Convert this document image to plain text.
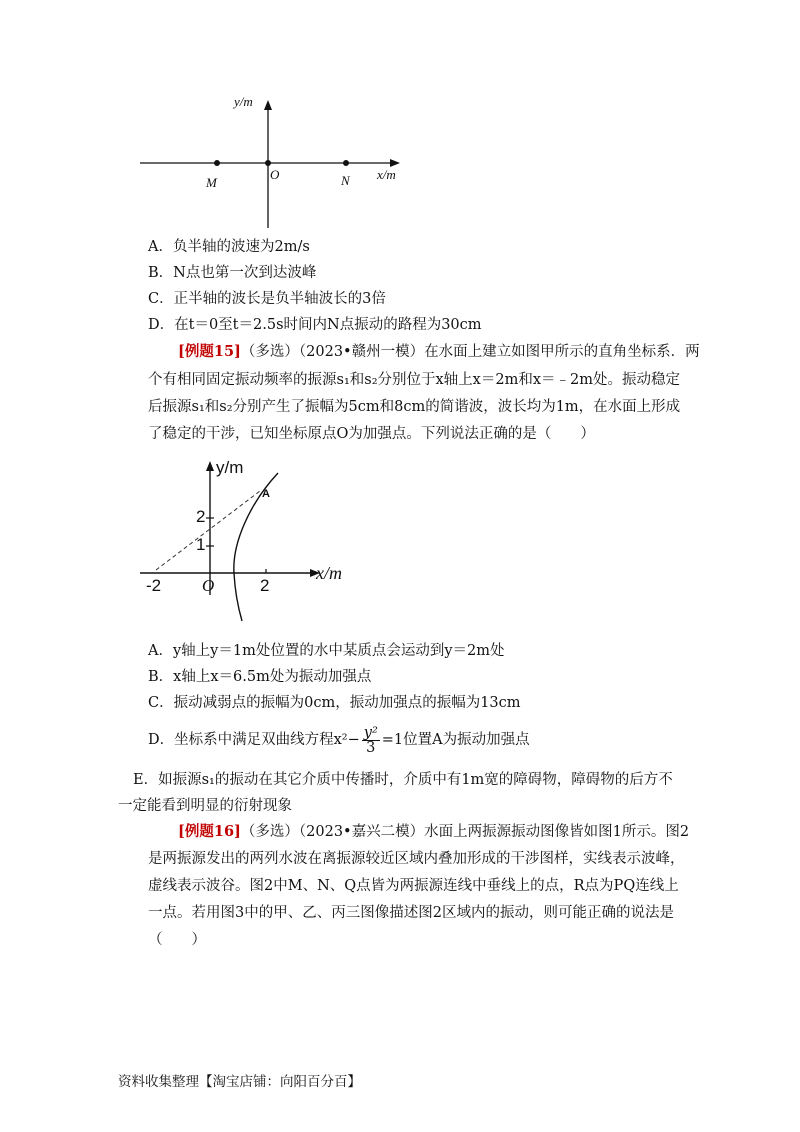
y/m
x/m
M
O	N
A．负半轴的波速为2m/s
B．N点也第一次到达波峰
C．正半轴的波长是负半轴波长的3倍
D．在t＝0至t＝2.5s时间内N点振动的路程为30cm
[例题15]（多选）（2023•赣州一模）在水面上建立如图甲所示的直角坐标系．两
个有相同固定振动频率的振源s₁和s₂分别位于x轴上x＝2m和x＝﹣2m处。振动稳定
后振源s₁和s₂分别产生了振幅为5cm和8cm的简谐波，波长均为1m，在水面上形成
了稳定的干涉，已知坐标原点O为加强点。下列说法正确的是（　　）
y/m
x/m
2
1
-2 O	2
A
A．y轴上y＝1m处位置的水中某质点会运动到y＝2m处
B．x轴上x＝6.5m处为振动加强点
C．振动减弱点的振幅为0cm，振动加强点的振幅为13cm
D．坐标系中满足双曲线方程$x^2- \frac{\text{y²}}{3} =1$位置A为振动加强点
E．如振源s₁的振动在其它介质中传播时，介质中有1m宽的障碍物，障碍物的后方不
一定能看到明显的衍射现象
[例题16]（多选）（2023•嘉兴二模）水面上两振源振动图像皆如图1所示。图2
是两振源发出的两列水波在离振源较近区域内叠加形成的干涉图样，实线表示波峰，
虚线表示波谷。图2中M、N、Q点皆为两振源连线中垂线上的点，R点为PQ连线上
一点。若用图3中的甲、乙、丙三图像描述图2区域内的振动，则可能正确的说法是
（　　）
资料收集整理【淘宝店铺：向阳百分百】
